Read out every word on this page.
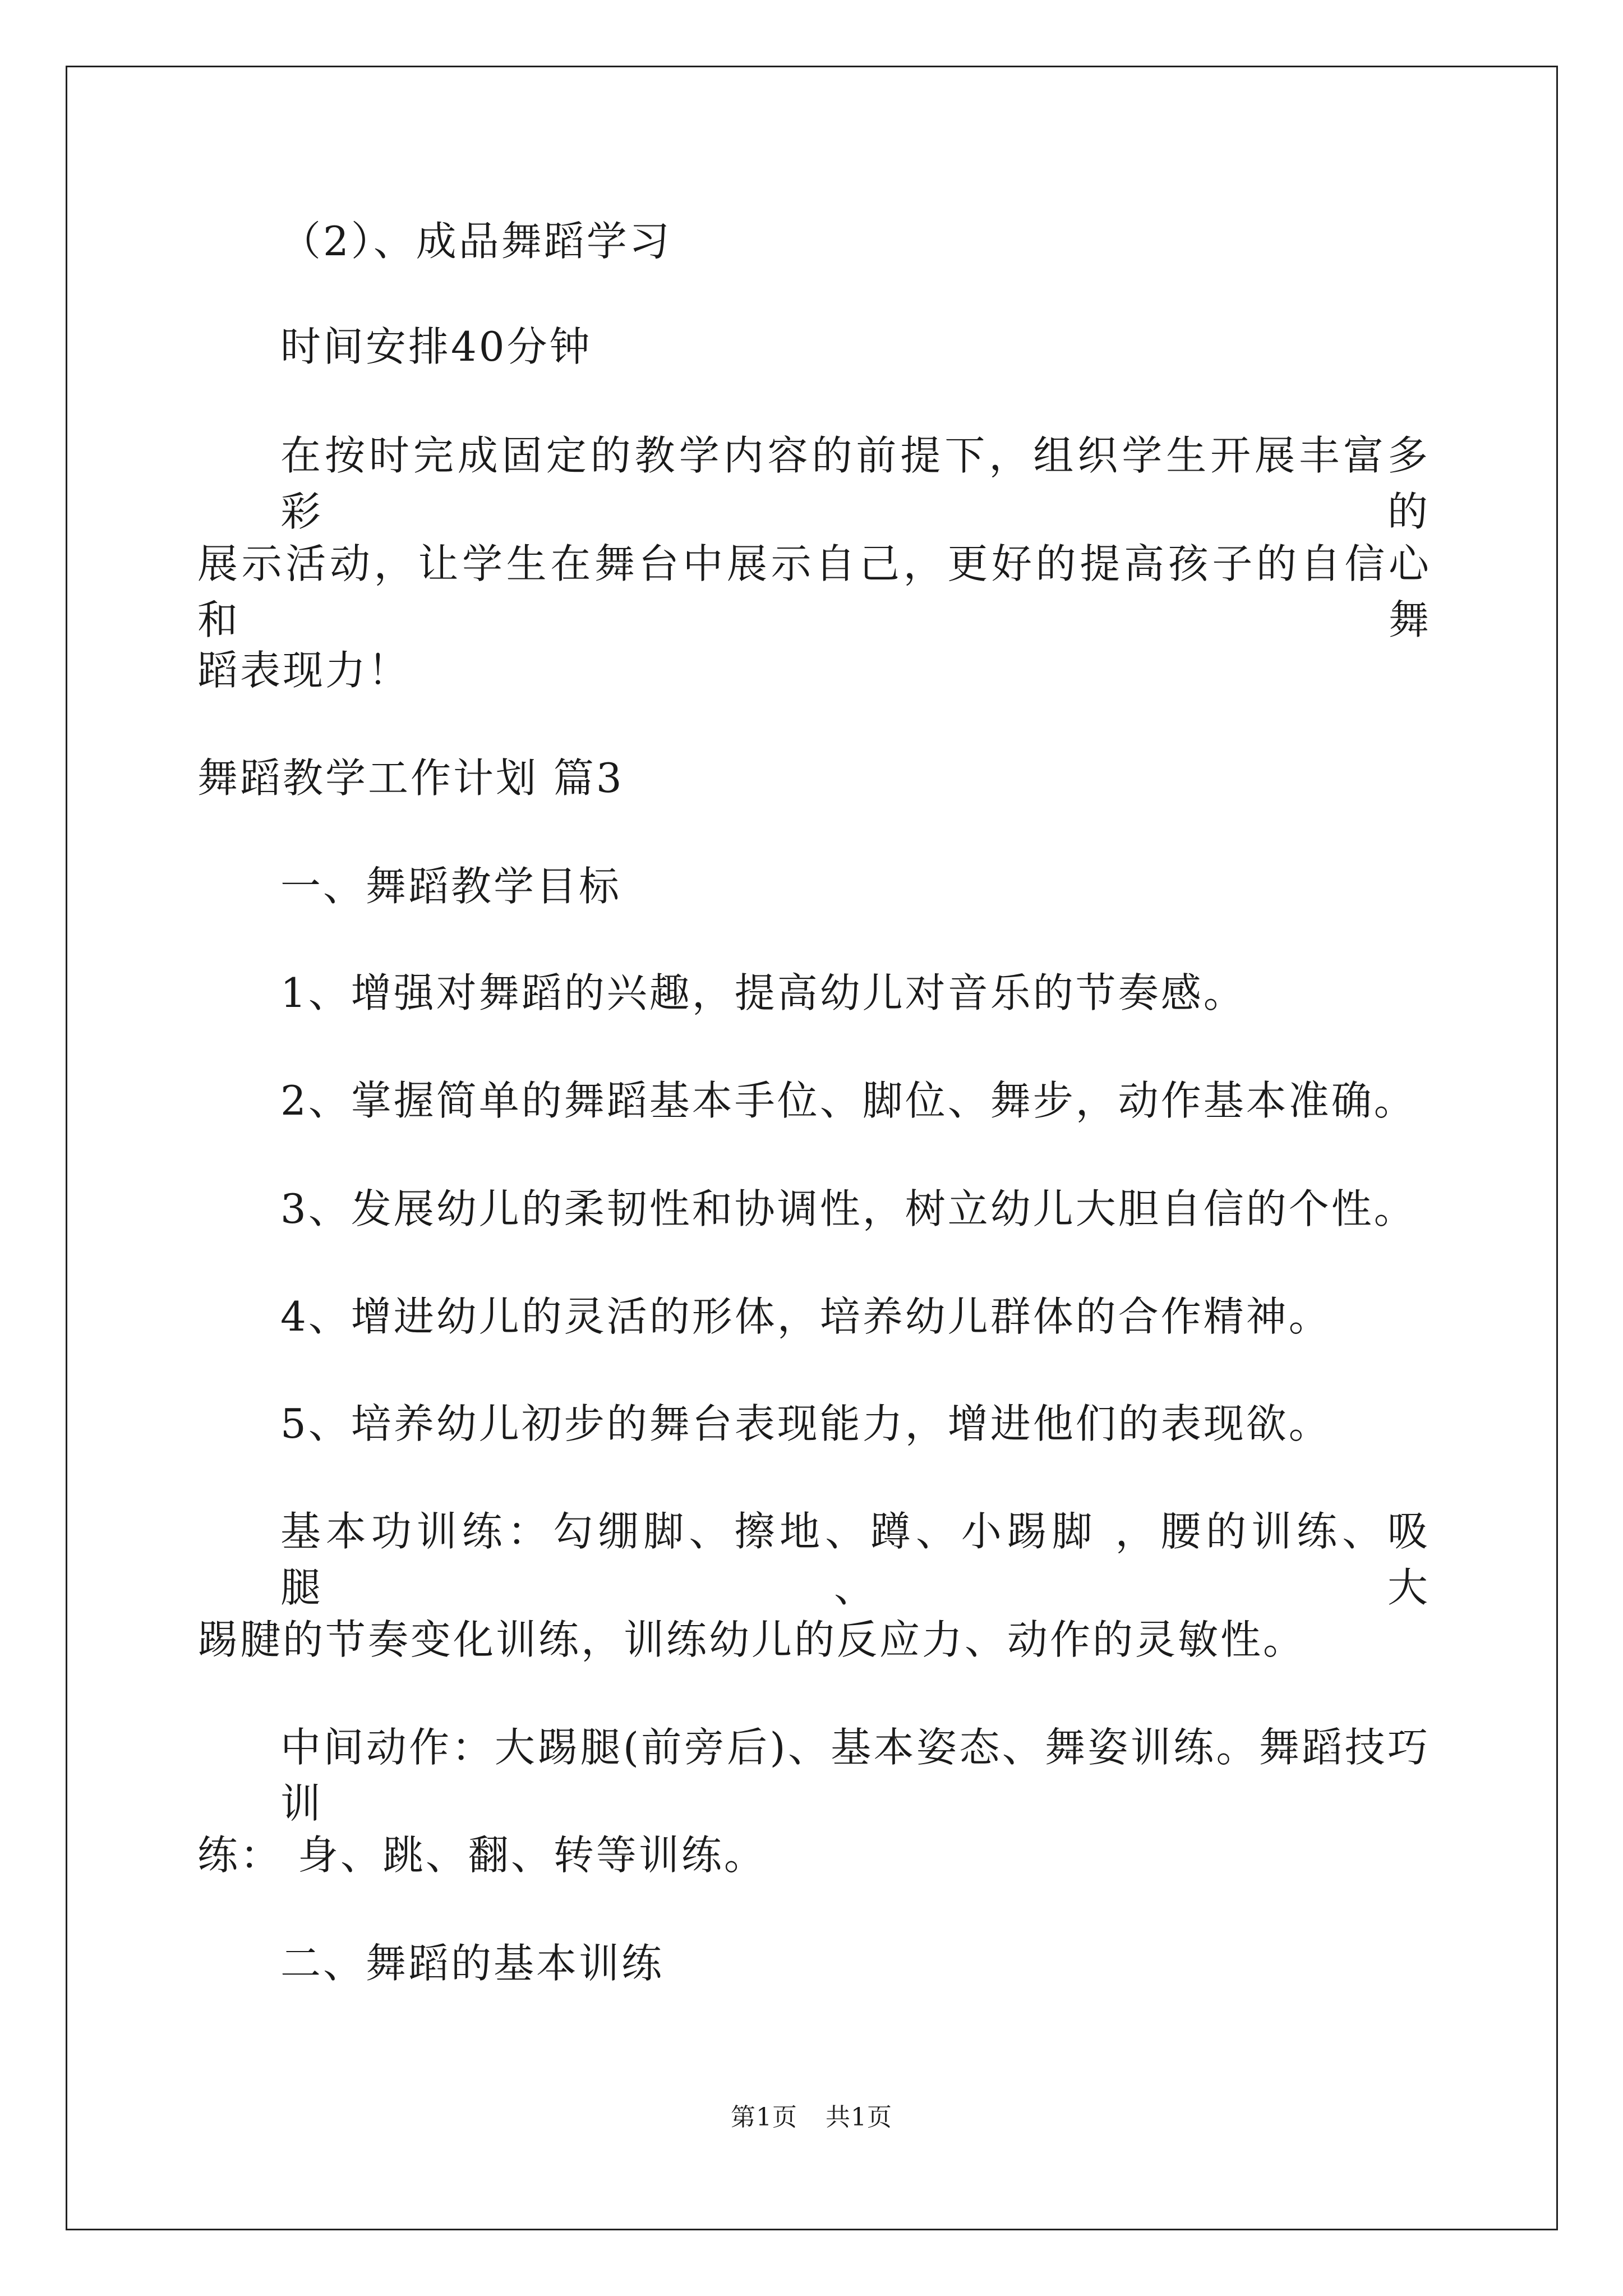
（2）、成品舞蹈学习
时间安排40分钟
在按时完成固定的教学内容的前提下，组织学生开展丰富多彩的
展示活动，让学生在舞台中展示自己，更好的提高孩子的自信心和舞
蹈表现力！
舞蹈教学工作计划 篇3
一、舞蹈教学目标
1、增强对舞蹈的兴趣，提高幼儿对音乐的节奏感。
2、掌握简单的舞蹈基本手位、脚位、舞步，动作基本准确。
3、发展幼儿的柔韧性和协调性，树立幼儿大胆自信的个性。
4、增进幼儿的灵活的形体，培养幼儿群体的合作精神。
5、培养幼儿初步的舞台表现能力，增进他们的表现欲。
基本功训练：勾绷脚、擦地、蹲、小踢脚 ，腰的训练、吸腿、大
踢腱的节奏变化训练，训练幼儿的反应力、动作的灵敏性。
中间动作：大踢腿(前旁后)、基本姿态、舞姿训练。舞蹈技巧训
练： 身、跳、翻、转等训练。
二、舞蹈的基本训练
第1页 共1页
